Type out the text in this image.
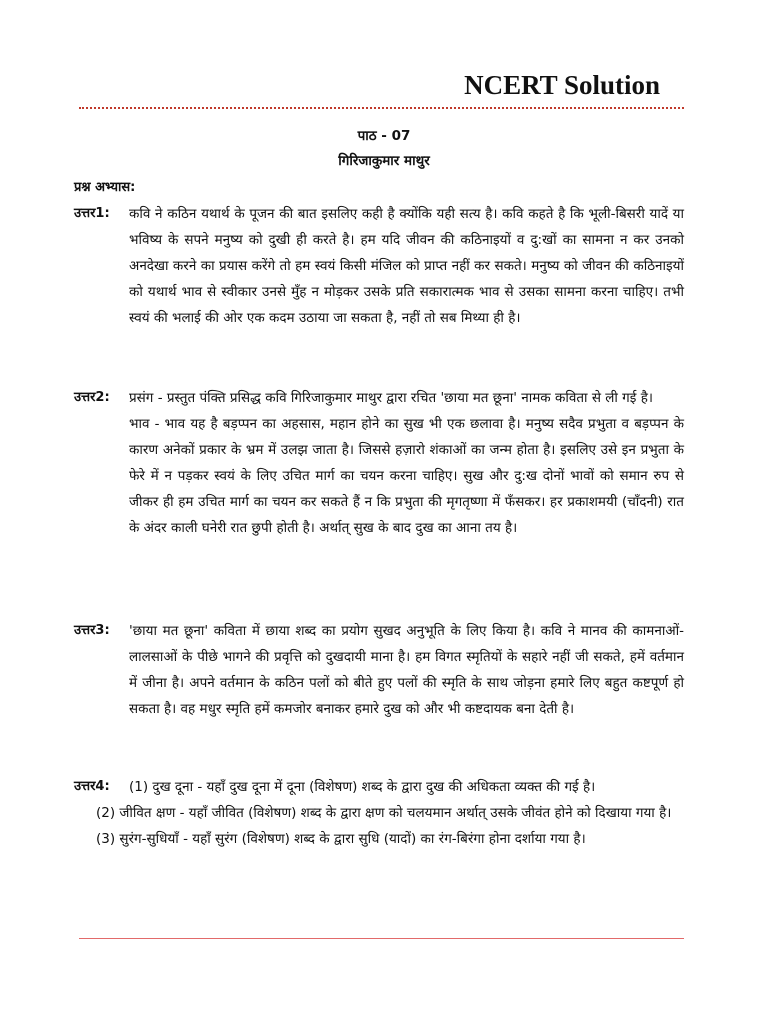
NCERT Solution
पाठ - 07
गिरिजाकुमार माथुर
प्रश्न अभ्यास:
उत्तर1: कवि ने कठिन यथार्थ के पूजन की बात इसलिए कही है क्योंकि यही सत्य है। कवि कहते है कि भूली-बिसरी यादें या भविष्य के सपने मनुष्य को दुखी ही करते है। हम यदि जीवन की कठिनाइयों व दु:खों का सामना न कर उनको अनदेखा करने का प्रयास करेंगे तो हम स्वयं किसी मंजिल को प्राप्त नहीं कर सकते। मनुष्य को जीवन की कठिनाइयों को यथार्थ भाव से स्वीकार उनसे मुँह न मोड़कर उसके प्रति सकारात्मक भाव से उसका सामना करना चाहिए। तभी स्वयं की भलाई की ओर एक कदम उठाया जा सकता है, नहीं तो सब मिथ्या ही है।

उत्तर2: प्रसंग - प्रस्तुत पंक्ति प्रसिद्ध कवि गिरिजाकुमार माथुर द्वारा रचित 'छाया मत छूना' नामक कविता से ली गई है।

भाव - भाव यह है बड़प्पन का अहसास, महान होने का सुख भी एक छलावा है। मनुष्य सदैव प्रभुता व बड़प्पन के कारण अनेकों प्रकार के भ्रम में उलझ जाता है। जिससे हज़ारो शंकाओं का जन्म होता है। इसलिए उसे इन प्रभुता के फेरे में न पड़कर स्वयं के लिए उचित मार्ग का चयन करना चाहिए। सुख और दु:ख दोनों भावों को समान रुप से जीकर ही हम उचित मार्ग का चयन कर सकते हैं न कि प्रभुता की मृगतृष्णा में फँसकर। हर प्रकाशमयी (चाँदनी) रात के अंदर काली घनेरी रात छुपी होती है। अर्थात् सुख के बाद दुख का आना तय है।

उत्तर3: 'छाया मत छूना' कविता में छाया शब्द का प्रयोग सुखद अनुभूति के लिए किया है। कवि ने मानव की कामनाओं-लालसाओं के पीछे भागने की प्रवृत्ति को दुखदायी माना है। हम विगत स्मृतियों के सहारे नहीं जी सकते, हमें वर्तमान में जीना है। अपने वर्तमान के कठिन पलों को बीते हुए पलों की स्मृति के साथ जोड़ना हमारे लिए बहुत कष्टपूर्ण हो सकता है। वह मधुर स्मृति हमें कमजोर बनाकर हमारे दुख को और भी कष्टदायक बना देती है।

उत्तर4: (1) दुख दूना - यहाँ दुख दूना में दूना (विशेषण) शब्द के द्वारा दुख की अधिकता व्यक्त की गई है।

(2) जीवित क्षण - यहाँ जीवित (विशेषण) शब्द के द्वारा क्षण को चलयमान अर्थात् उसके जीवंत होने को दिखाया गया है।
(3) सुरंग-सुधियाँ - यहाँ सुरंग (विशेषण) शब्द के द्वारा सुधि (यादों) का रंग-बिरंगा होना दर्शाया गया है।
